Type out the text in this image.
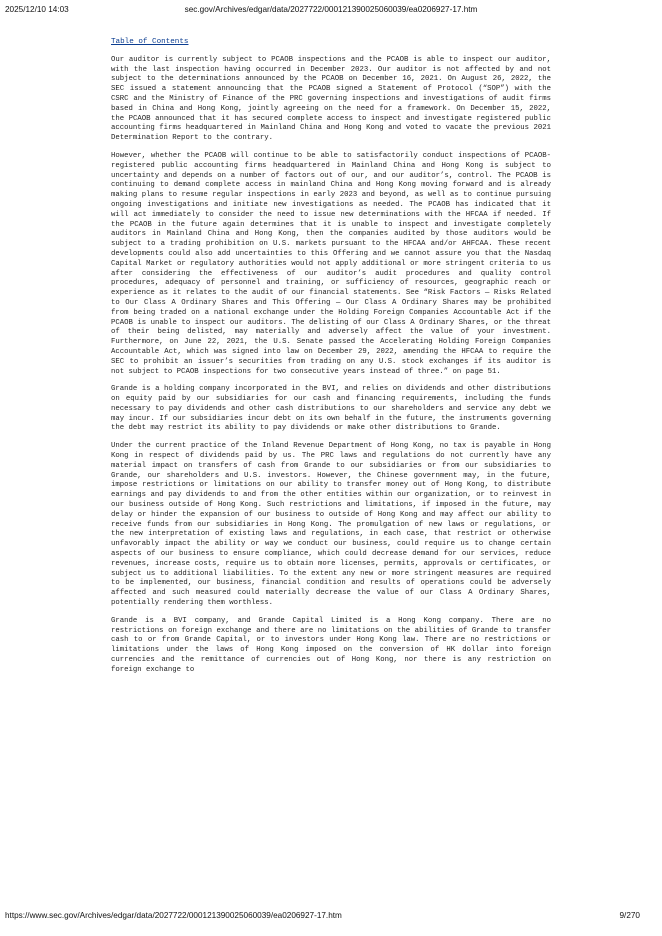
2025/12/10 14:03	sec.gov/Archives/edgar/data/2027722/000121390025060039/ea0206927-17.htm
Table of Contents

Our auditor is currently subject to PCAOB inspections and the PCAOB is able to inspect our auditor, with the last inspection having occurred in December 2023. Our auditor is not affected by and not subject to the determinations announced by the PCAOB on December 16, 2021. On August 26, 2022, the SEC issued a statement announcing that the PCAOB signed a Statement of Protocol (“SOP”) with the CSRC and the Ministry of Finance of the PRC governing inspections and investigations of audit firms based in China and Hong Kong, jointly agreeing on the need for a framework. On December 15, 2022, the PCAOB announced that it has secured complete access to inspect and investigate registered public accounting firms headquartered in Mainland China and Hong Kong and voted to vacate the previous 2021 Determination Report to the contrary.

However, whether the PCAOB will continue to be able to satisfactorily conduct inspections of PCAOB-registered public accounting firms headquartered in Mainland China and Hong Kong is subject to uncertainty and depends on a number of factors out of our, and our auditor’s, control. The PCAOB is continuing to demand complete access in mainland China and Hong Kong moving forward and is already making plans to resume regular inspections in early 2023 and beyond, as well as to continue pursuing ongoing investigations and initiate new investigations as needed. The PCAOB has indicated that it will act immediately to consider the need to issue new determinations with the HFCAA if needed. If the PCAOB in the future again determines that it is unable to inspect and investigate completely auditors in Mainland China and Hong Kong, then the companies audited by those auditors would be subject to a trading prohibition on U.S. markets pursuant to the HFCAA and/or AHFCAA. These recent developments could also add uncertainties to this Offering and we cannot assure you that the Nasdaq Capital Market or regulatory authorities would not apply additional or more stringent criteria to us after considering the effectiveness of our auditor’s audit procedures and quality control procedures, adequacy of personnel and training, or sufficiency of resources, geographic reach or experience as it relates to the audit of our financial statements. See “Risk Factors — Risks Related to Our Class A Ordinary Shares and This Offering — Our Class A Ordinary Shares may be prohibited from being traded on a national exchange under the Holding Foreign Companies Accountable Act if the PCAOB is unable to inspect our auditors. The delisting of our Class A Ordinary Shares, or the threat of their being delisted, may materially and adversely affect the value of your investment. Furthermore, on June 22, 2021, the U.S. Senate passed the Accelerating Holding Foreign Companies Accountable Act, which was signed into law on December 29, 2022, amending the HFCAA to require the SEC to prohibit an issuer’s securities from trading on any U.S. stock exchanges if its auditor is not subject to PCAOB inspections for two consecutive years instead of three.” on page 51.

Grande is a holding company incorporated in the BVI, and relies on dividends and other distributions on equity paid by our subsidiaries for our cash and financing requirements, including the funds necessary to pay dividends and other cash distributions to our shareholders and service any debt we may incur. If our subsidiaries incur debt on its own behalf in the future, the instruments governing the debt may restrict its ability to pay dividends or make other distributions to Grande.

Under the current practice of the Inland Revenue Department of Hong Kong, no tax is payable in Hong Kong in respect of dividends paid by us. The PRC laws and regulations do not currently have any material impact on transfers of cash from Grande to our subsidiaries or from our subsidiaries to Grande, our shareholders and U.S. investors. However, the Chinese government may, in the future, impose restrictions or limitations on our ability to transfer money out of Hong Kong, to distribute earnings and pay dividends to and from the other entities within our organization, or to reinvest in our business outside of Hong Kong. Such restrictions and limitations, if imposed in the future, may delay or hinder the expansion of our business to outside of Hong Kong and may affect our ability to receive funds from our subsidiaries in Hong Kong. The promulgation of new laws or regulations, or the new interpretation of existing laws and regulations, in each case, that restrict or otherwise unfavorably impact the ability or way we conduct our business, could require us to change certain aspects of our business to ensure compliance, which could decrease demand for our services, reduce revenues, increase costs, require us to obtain more licenses, permits, approvals or certificates, or subject us to additional liabilities. To the extent any new or more stringent measures are required to be implemented, our business, financial condition and results of operations could be adversely affected and such measured could materially decrease the value of our Class A Ordinary Shares, potentially rendering them worthless.

Grande is a BVI company, and Grande Capital Limited is a Hong Kong company. There are no restrictions on foreign exchange and there are no limitations on the abilities of Grande to transfer cash to or from Grande Capital, or to investors under Hong Kong law. There are no restrictions or limitations under the laws of Hong Kong imposed on the conversion of HK dollar into foreign currencies and the remittance of currencies out of Hong Kong, nor there is any restriction on foreign exchange to

https://www.sec.gov/Archives/edgar/data/2027722/000121390025060039/ea0206927-17.htm	9/270
